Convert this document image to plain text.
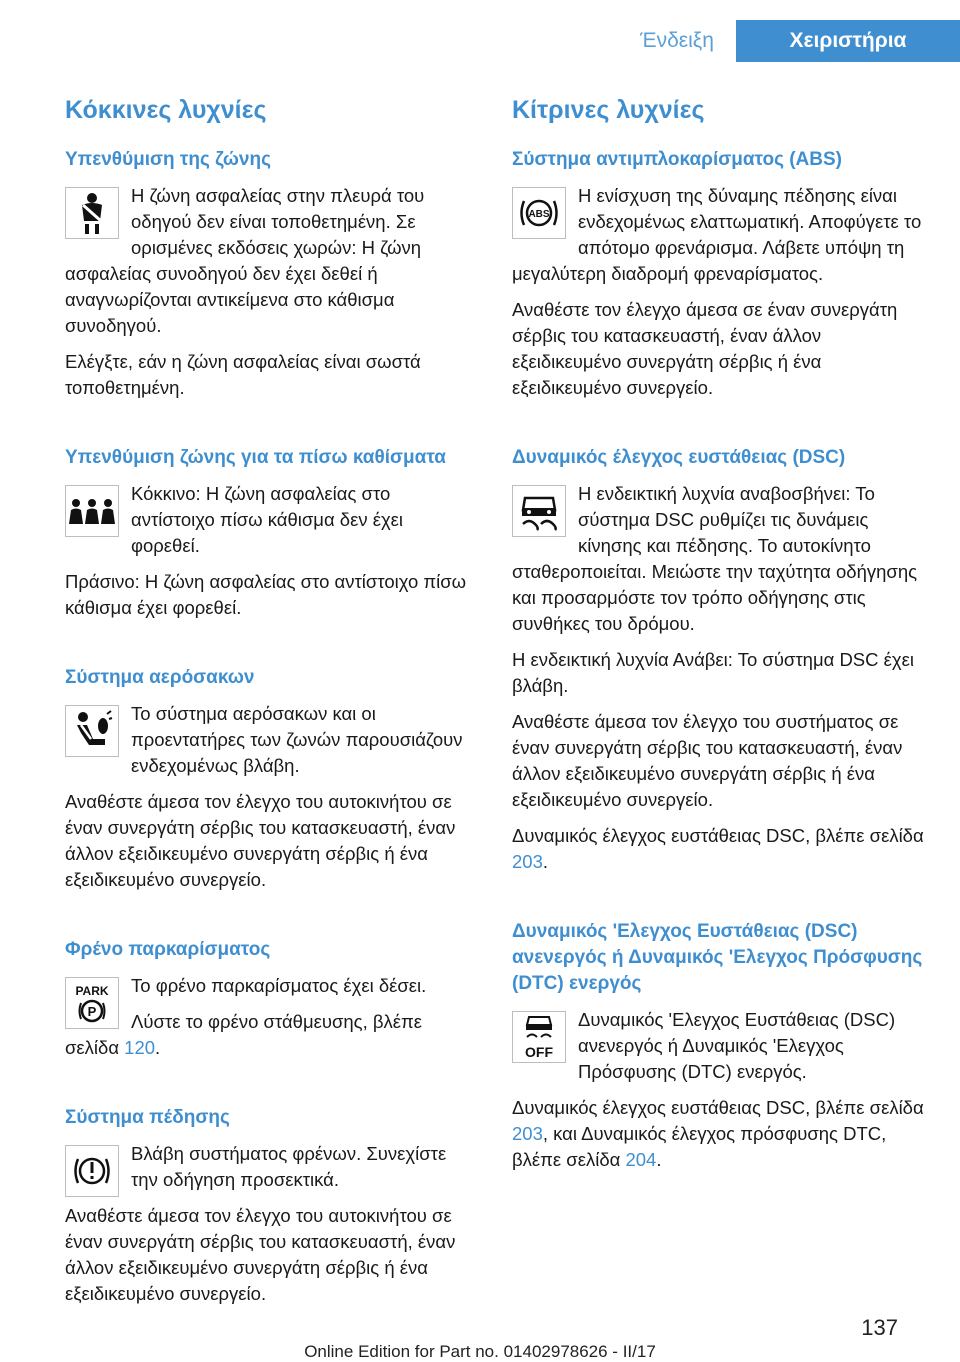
Ένδειξη	Χειριστήρια
Κόκκινες λυχνίες
Υπενθύμιση της ζώνης
Η ζώνη ασφαλείας στην πλευρά του οδηγού δεν είναι τοποθετημένη. Σε ορισμένες εκδόσεις χωρών: Η ζώνη ασφαλείας συνοδηγού δεν έχει δεθεί ή αναγνωρίζονται αντικείμενα στο κάθισμα συνοδηγού.
Ελέγξτε, εάν η ζώνη ασφαλείας είναι σωστά τοποθετημένη.
Υπενθύμιση ζώνης για τα πίσω καθίσματα
Κόκκινο: Η ζώνη ασφαλείας στο αντίστοιχο πίσω κάθισμα δεν έχει φορεθεί.
Πράσινο: Η ζώνη ασφαλείας στο αντίστοιχο πίσω κάθισμα έχει φορεθεί.
Σύστημα αερόσακων
Το σύστημα αερόσακων και οι προεντατήρες των ζωνών παρουσιάζουν ενδεχομένως βλάβη.
Αναθέστε άμεσα τον έλεγχο του αυτοκινήτου σε έναν συνεργάτη σέρβις του κατασκευαστή, έναν άλλον εξειδικευμένο συνεργάτη σέρβις ή ένα εξειδικευμένο συνεργείο.
Φρένο παρκαρίσματος
PARK
P
Το φρένο παρκαρίσματος έχει δέσει.
Λύστε το φρένο στάθμευσης, βλέπε σελίδα 120.
Σύστημα πέδησης
Βλάβη συστήματος φρένων. Συνεχίστε την οδήγηση προσεκτικά.
Αναθέστε άμεσα τον έλεγχο του αυτοκινήτου σε έναν συνεργάτη σέρβις του κατασκευαστή, έναν άλλον εξειδικευμένο συνεργάτη σέρβις ή ένα εξειδικευμένο συνεργείο.
Κίτρινες λυχνίες
Σύστημα αντιμπλοκαρίσματος (ABS)
ABS
Η ενίσχυση της δύναμης πέδησης είναι ενδεχομένως ελαττωματική. Αποφύγετε το απότομο φρενάρισμα. Λάβετε υπόψη τη μεγαλύτερη διαδρομή φρεναρίσματος.
Αναθέστε τον έλεγχο άμεσα σε έναν συνεργάτη σέρβις του κατασκευαστή, έναν άλλον εξειδικευμένο συνεργάτη σέρβις ή ένα εξειδικευμένο συνεργείο.
Δυναμικός έλεγχος ευστάθειας (DSC)
Η ενδεικτική λυχνία αναβοσβήνει: Το σύστημα DSC ρυθμίζει τις δυνάμεις κίνησης και πέδησης. Το αυτοκίνητο σταθεροποιείται. Μειώστε την ταχύτητα οδήγησης και προσαρμόστε τον τρόπο οδήγησης στις συνθήκες του δρόμου.
Η ενδεικτική λυχνία Ανάβει: Το σύστημα DSC έχει βλάβη.
Αναθέστε άμεσα τον έλεγχο του συστήματος σε έναν συνεργάτη σέρβις του κατασκευαστή, έναν άλλον εξειδικευμένο συνεργάτη σέρβις ή ένα εξειδικευμένο συνεργείο.
Δυναμικός έλεγχος ευστάθειας DSC, βλέπε σελίδα 203.
Δυναμικός 'Ελεγχος Ευστάθειας (DSC) ανενεργός ή Δυναμικός 'Ελεγχος Πρόσφυσης (DTC) ενεργός
OFF
Δυναμικός 'Ελεγχος Ευστάθειας (DSC) ανενεργός ή Δυναμικός 'Ελεγχος Πρόσφυσης (DTC) ενεργός.
Δυναμικός έλεγχος ευστάθειας DSC, βλέπε σελίδα 203, και Δυναμικός έλεγχος πρόσφυσης DTC, βλέπε σελίδα 204.
137
Online Edition for Part no. 01402978626 - II/17
